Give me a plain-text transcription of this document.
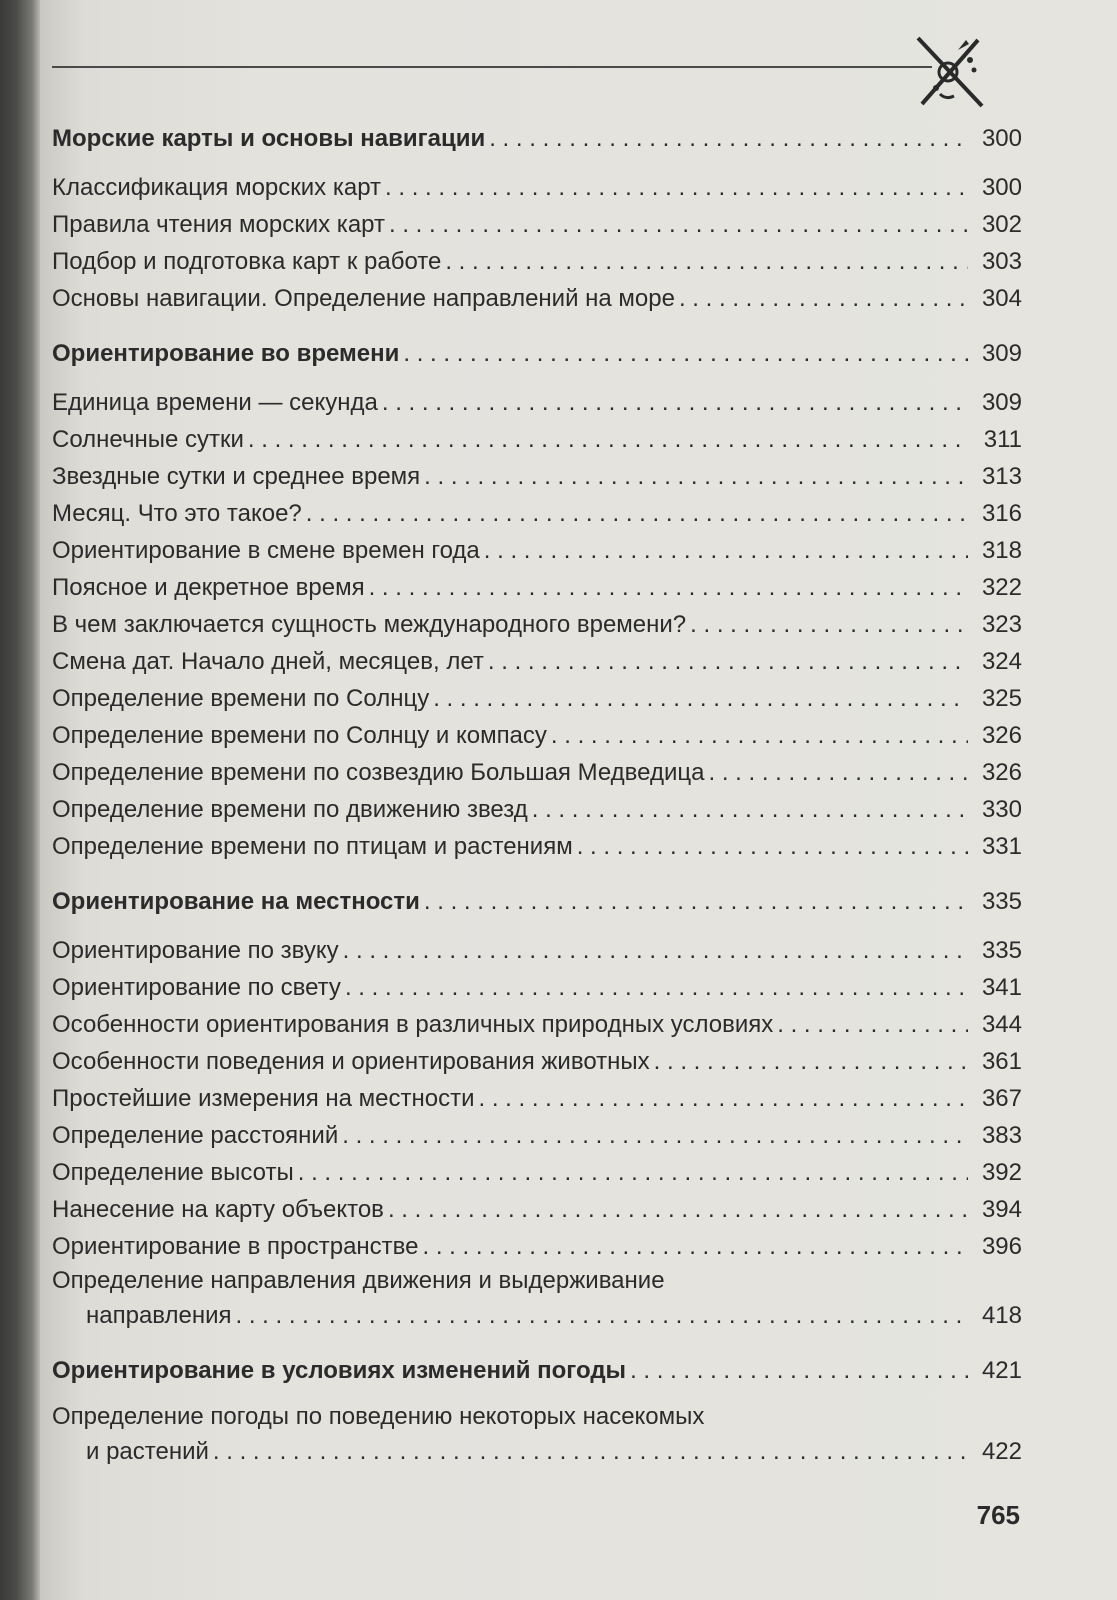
Морские карты и основы навигации . . .	300
Классификация морских карт . . .	300
Правила чтения морских карт . . .	302
Подбор и подготовка карт к работе . . .	303
Основы навигации. Определение направлений на море . . .	304
Ориентирование во времени . . .	309
Единица времени — секунда . . .	309
Солнечные сутки . . .	311
Звездные сутки и среднее время . . .	313
Месяц. Что это такое? . . .	316
Ориентирование в смене времен года . . .	318
Поясное и декретное время . . .	322
В чем заключается сущность международного времени? . . .	323
Смена дат. Начало дней, месяцев, лет . . .	324
Определение времени по Солнцу . . .	325
Определение времени по Солнцу и компасу . . .	326
Определение времени по созвездию Большая Медведица . . .	326
Определение времени по движению звезд . . .	330
Определение времени по птицам и растениям . . .	331
Ориентирование на местности . . .	335
Ориентирование по звуку . . .	335
Ориентирование по свету . . .	341
Особенности ориентирования в различных природных условиях . . .	344
Особенности поведения и ориентирования животных . . .	361
Простейшие измерения на местности . . .	367
Определение расстояний . . .	383
Определение высоты . . .	392
Нанесение на карту объектов . . .	394
Ориентирование в пространстве . . .	396
Определение направления движения и выдерживание
направления . . .	418
Ориентирование в условиях изменений погоды . . .	421
Определение погоды по поведению некоторых насекомых
и растений . . .	422
765
